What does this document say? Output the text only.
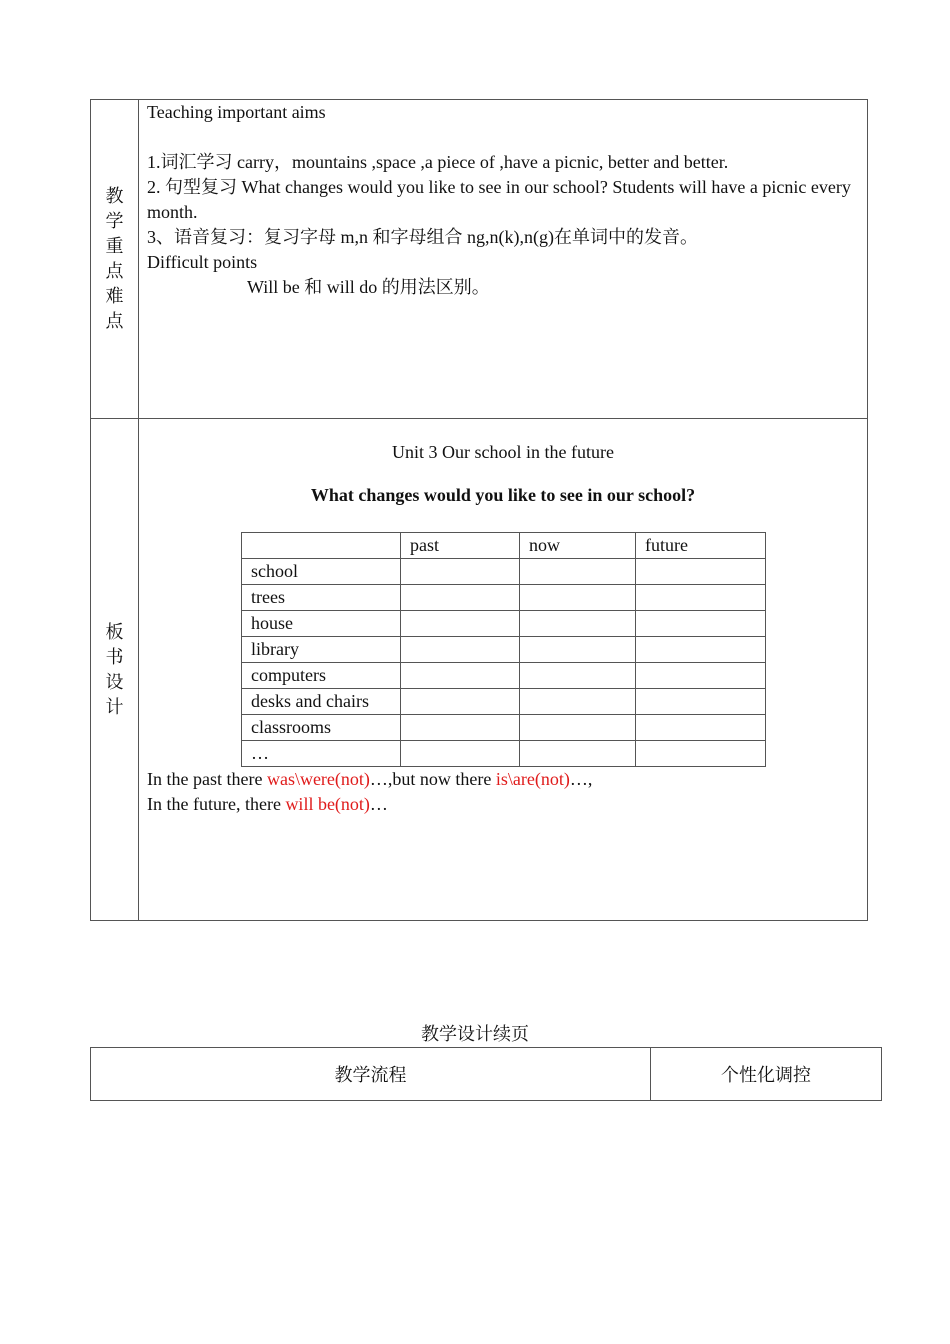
教学重点难点	

Teaching important aims

1.词汇学习 carry，mountains ,space ,a piece of ,have a picnic, better and better.

2. 句型复习 What changes would you like to see in our school? Students will have a picnic every month.

3、语音复习：复习字母 m,n 和字母组合 ng,n(k),n(g)在单词中的发音。

Difficult points

Will be 和 will do 的用法区别。

板书设计	

Unit 3 Our school in the future

What changes would you like to see in our school?

	past	now	future
school			
trees			
house			
library			
computers			
desks and chairs			
classrooms			
…			

In the past there was\were(not)…,but now there is\are(not)…,

In the future, there will be(not)…

教学设计续页
教学流程	个性化调控
